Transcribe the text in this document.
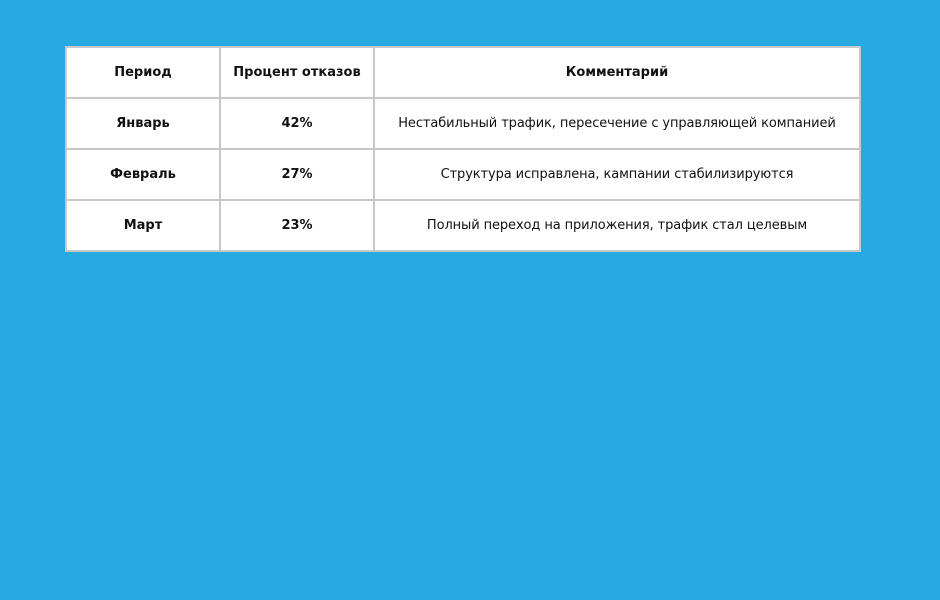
Период	Процент отказов	Комментарий
Январь	42%	Нестабильный трафик, пересечение с управляющей компанией
Февраль	27%	Структура исправлена, кампании стабилизируются
Март	23%	Полный переход на приложения, трафик стал целевым
